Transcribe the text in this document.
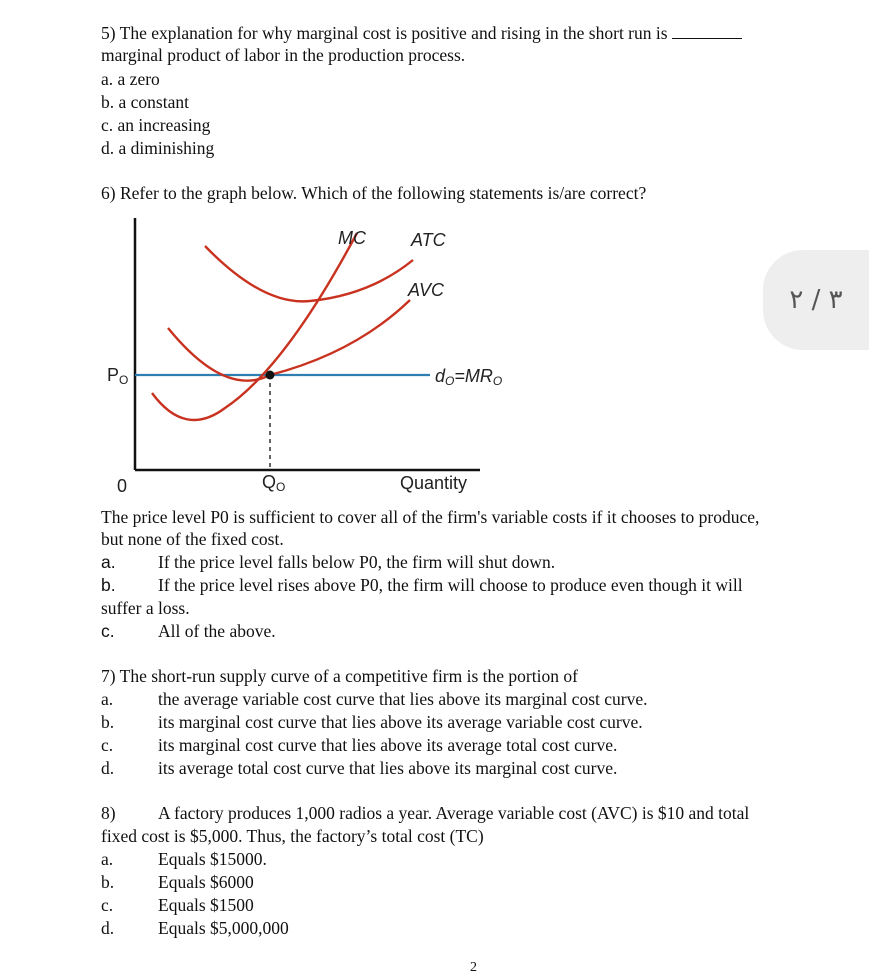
5) The explanation for why marginal cost is positive and rising in the short run is
marginal product of labor in the production process.
a. a zero
b. a constant
c. an increasing
d. a diminishing
6) Refer to the graph below. Which of the following statements is/are correct?
MC	ATC
AVC
PO	dO=MRO
0	QO	Quantity
٣ / ٢
The price level P0 is sufficient to cover all of the firm's variable costs if it chooses to produce,
but none of the fixed cost.
a. If the price level falls below P0, the firm will shut down.
b. If the price level rises above P0, the firm will choose to produce even though it will
suffer a loss.
c. All of the above.
7) The short-run supply curve of a competitive firm is the portion of
a.	the average variable cost curve that lies above its marginal cost curve.
b.	its marginal cost curve that lies above its average variable cost curve.
c.	its marginal cost curve that lies above its average total cost curve.
d.	its average total cost curve that lies above its marginal cost curve.
8) A factory produces 1,000 radios a year. Average variable cost (AVC) is $10 and total
fixed cost is $5,000. Thus, the factory’s total cost (TC)
a.	Equals $15000.
b.	Equals $6000
c.	Equals $1500
d.	Equals $5,000,000
2
